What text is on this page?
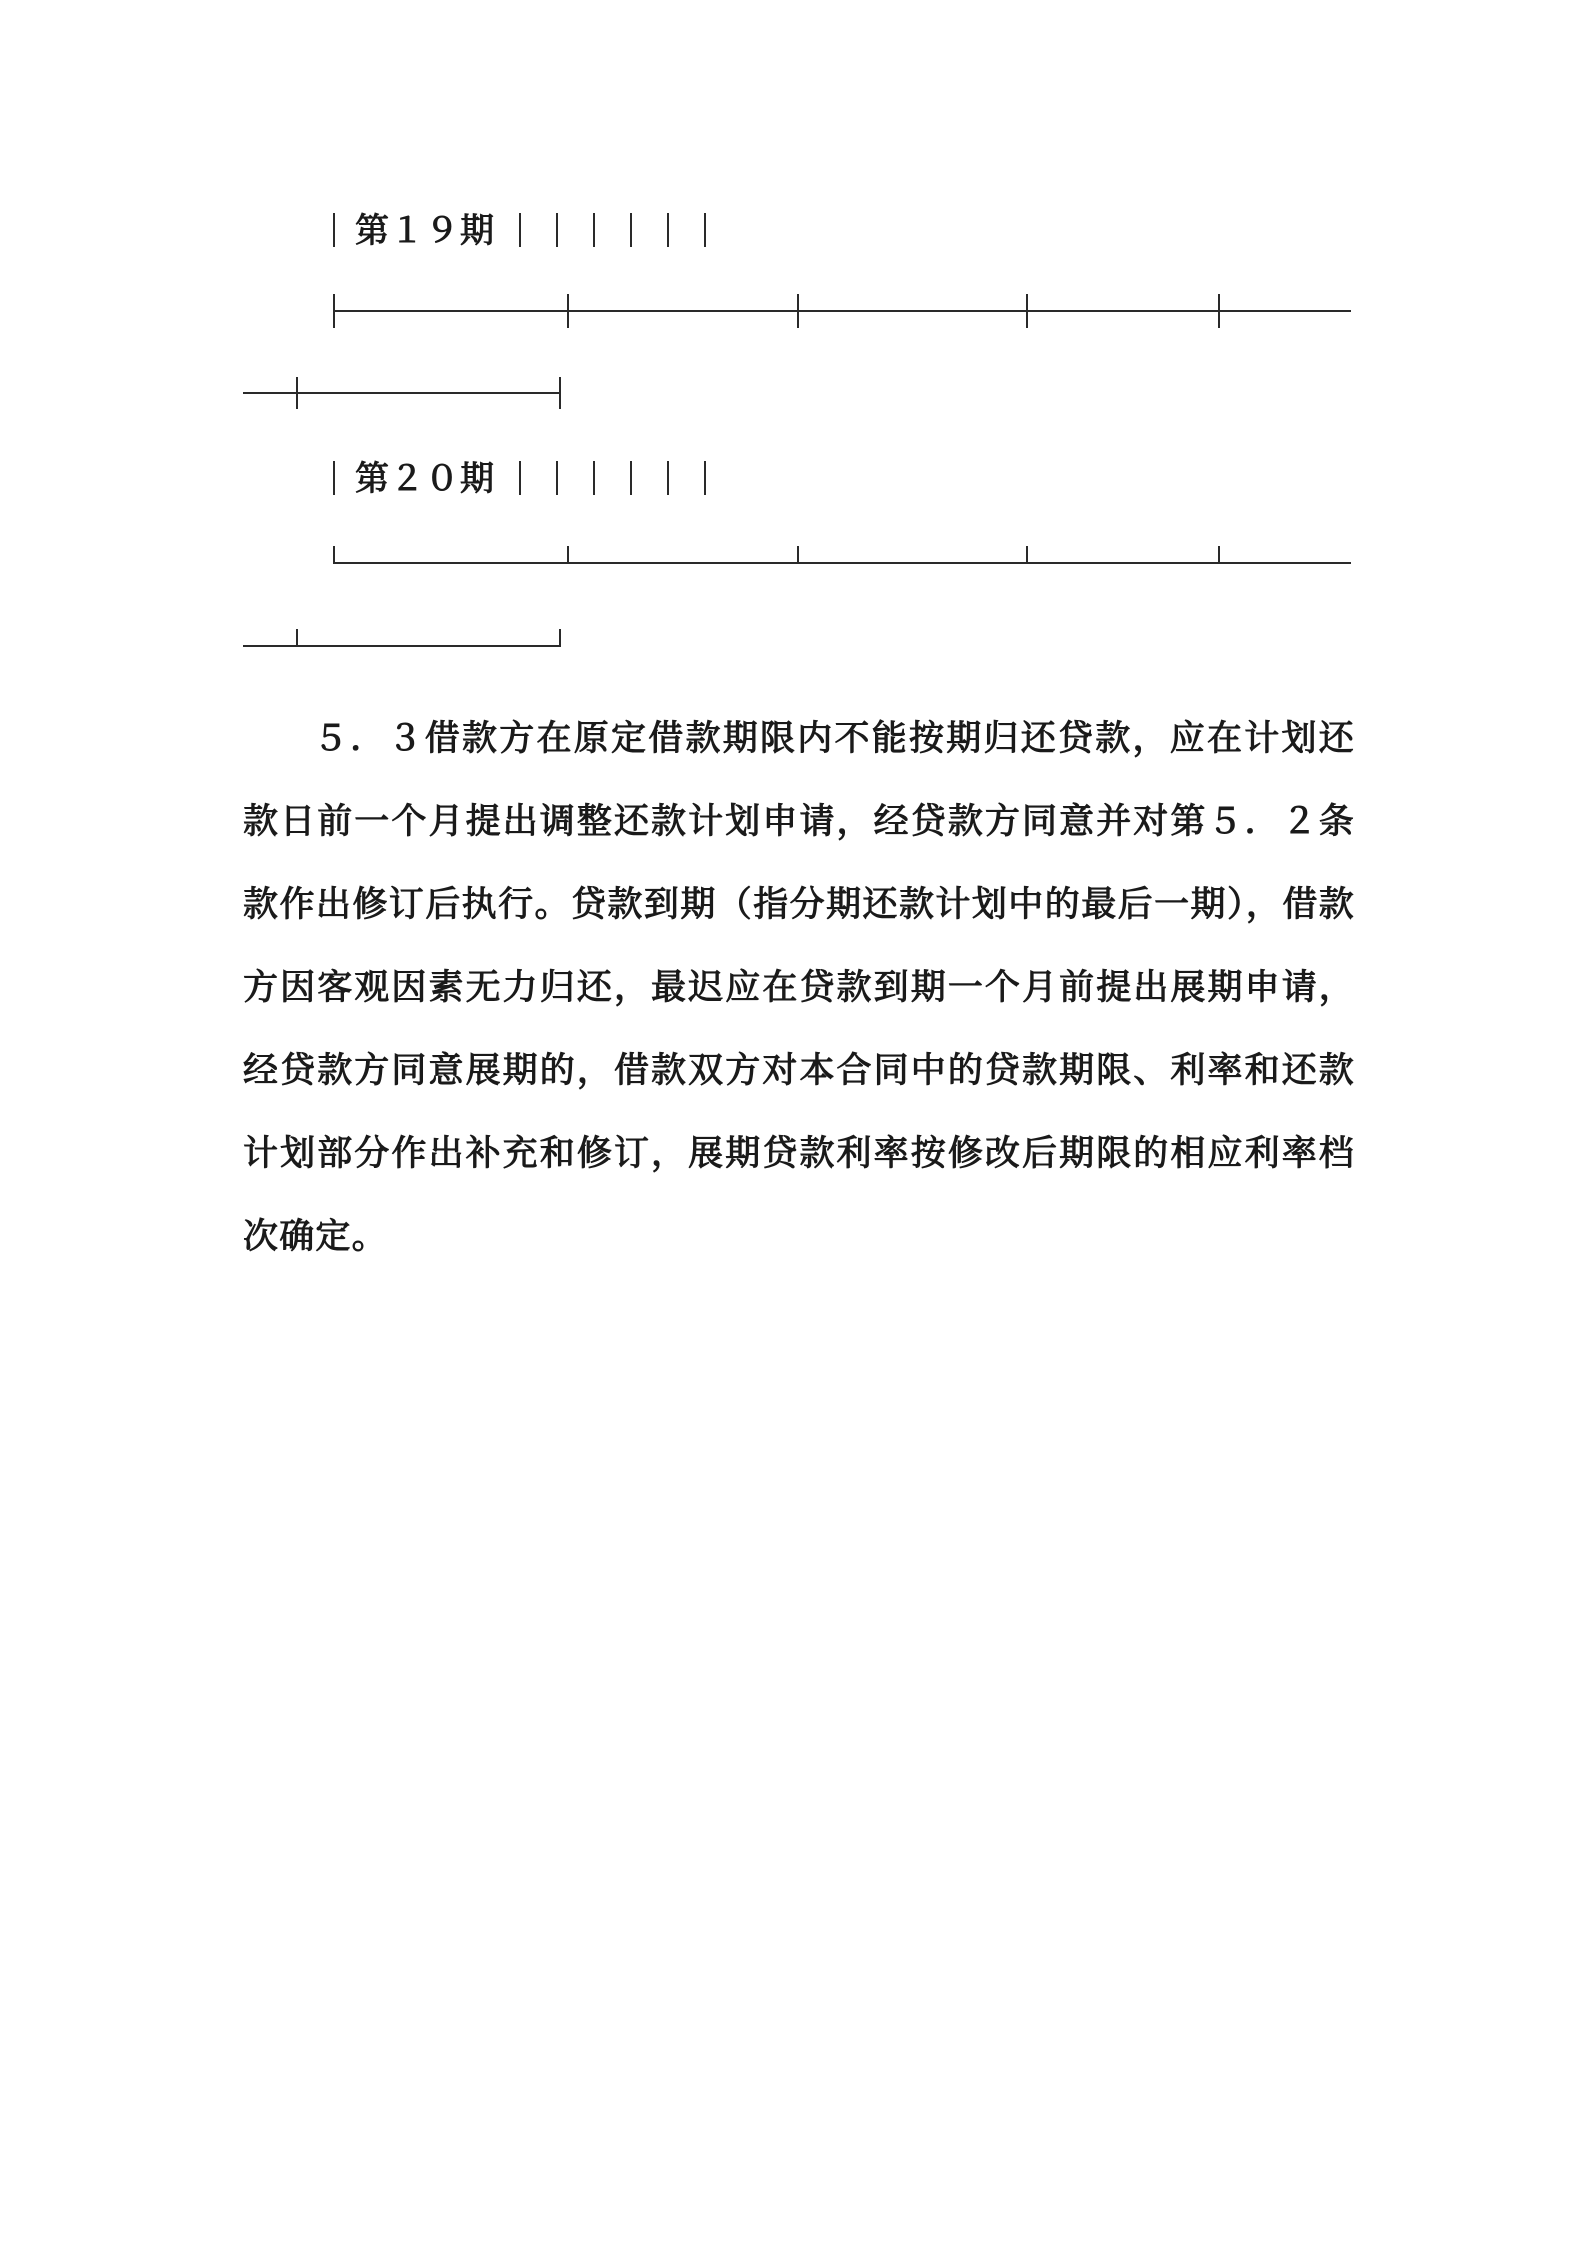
第１９期
第２０期

５．３借款方在原定借款期限内不能按期归还贷款，应在计划还款日前一个月提出调整还款计划申请，经贷款方同意并对第５．２条款作出修订后执行。贷款到期（指分期还款计划中的最后一期），借款方因客观因素无力归还，最迟应在贷款到期一个月前提出展期申请，经贷款方同意展期的，借款双方对本合同中的贷款期限、利率和还款计划部分作出补充和修订，展期贷款利率按修改后期限的相应利率档次确定。
